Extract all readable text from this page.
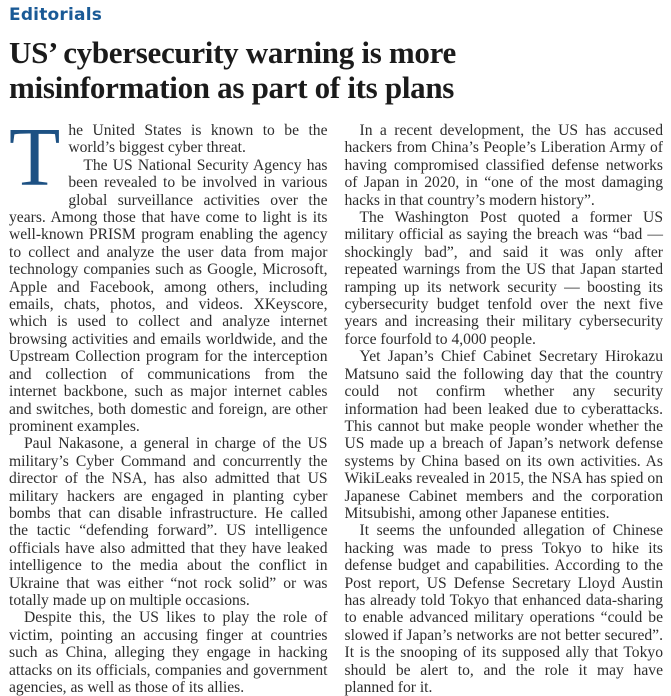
Editorials
US’ cybersecurity warning is more
misinformation as part of its plans

The United States is known to be the world’s biggest cyber threat.

The US National Security Agency has been revealed to be involved in various global surveillance activities over the years. Among those that have come to light is its well-known PRISM program enabling the agency to collect and analyze the user data from major technology companies such as Google, Microsoft, Apple and Facebook, among others, including emails, chats, photos, and videos. XKeyscore, which is used to collect and analyze internet browsing activities and emails worldwide, and the Upstream Collection program for the interception and collection of communications from the internet backbone, such as major internet cables and switches, both domestic and foreign, are other prominent examples.

Paul Nakasone, a general in charge of the US military’s Cyber Command and concurrently the director of the NSA, has also admitted that US military hackers are engaged in planting cyber bombs that can disable infrastructure. He called the tactic “defending forward”. US intelligence officials have also admitted that they have leaked intelligence to the media about the conflict in Ukraine that was either “not rock solid” or was totally made up on multiple occasions.

Despite this, the US likes to play the role of victim, pointing an accusing finger at countries such as China, alleging they engage in hacking attacks on its officials, companies and government agencies, as well as those of its allies.

In a recent development, the US has accused hackers from China’s People’s Liberation Army of having compromised classified defense networks of Japan in 2020, in “one of the most damaging hacks in that country’s modern history”.

The Washington Post quoted a former US military official as saying the breach was “bad — shockingly bad”, and said it was only after repeated warnings from the US that Japan started ramping up its network security — boosting its cybersecurity budget tenfold over the next five years and increasing their military cybersecurity force fourfold to 4,000 people.

Yet Japan’s Chief Cabinet Secretary Hirokazu Matsuno said the following day that the country could not confirm whether any security information had been leaked due to cyberattacks. This cannot but make people wonder whether the US made up a breach of Japan’s network defense systems by China based on its own activities. As WikiLeaks revealed in 2015, the NSA has spied on Japanese Cabinet members and the corporation Mitsubishi, among other Japanese entities.

It seems the unfounded allegation of Chinese hacking was made to press Tokyo to hike its defense budget and capabilities. According to the Post report, US Defense Secretary Lloyd Austin has already told Tokyo that enhanced data-sharing to enable advanced military operations “could be slowed if Japan’s networks are not better secured”. It is the snooping of its supposed ally that Tokyo should be alert to, and the role it may have planned for it.
